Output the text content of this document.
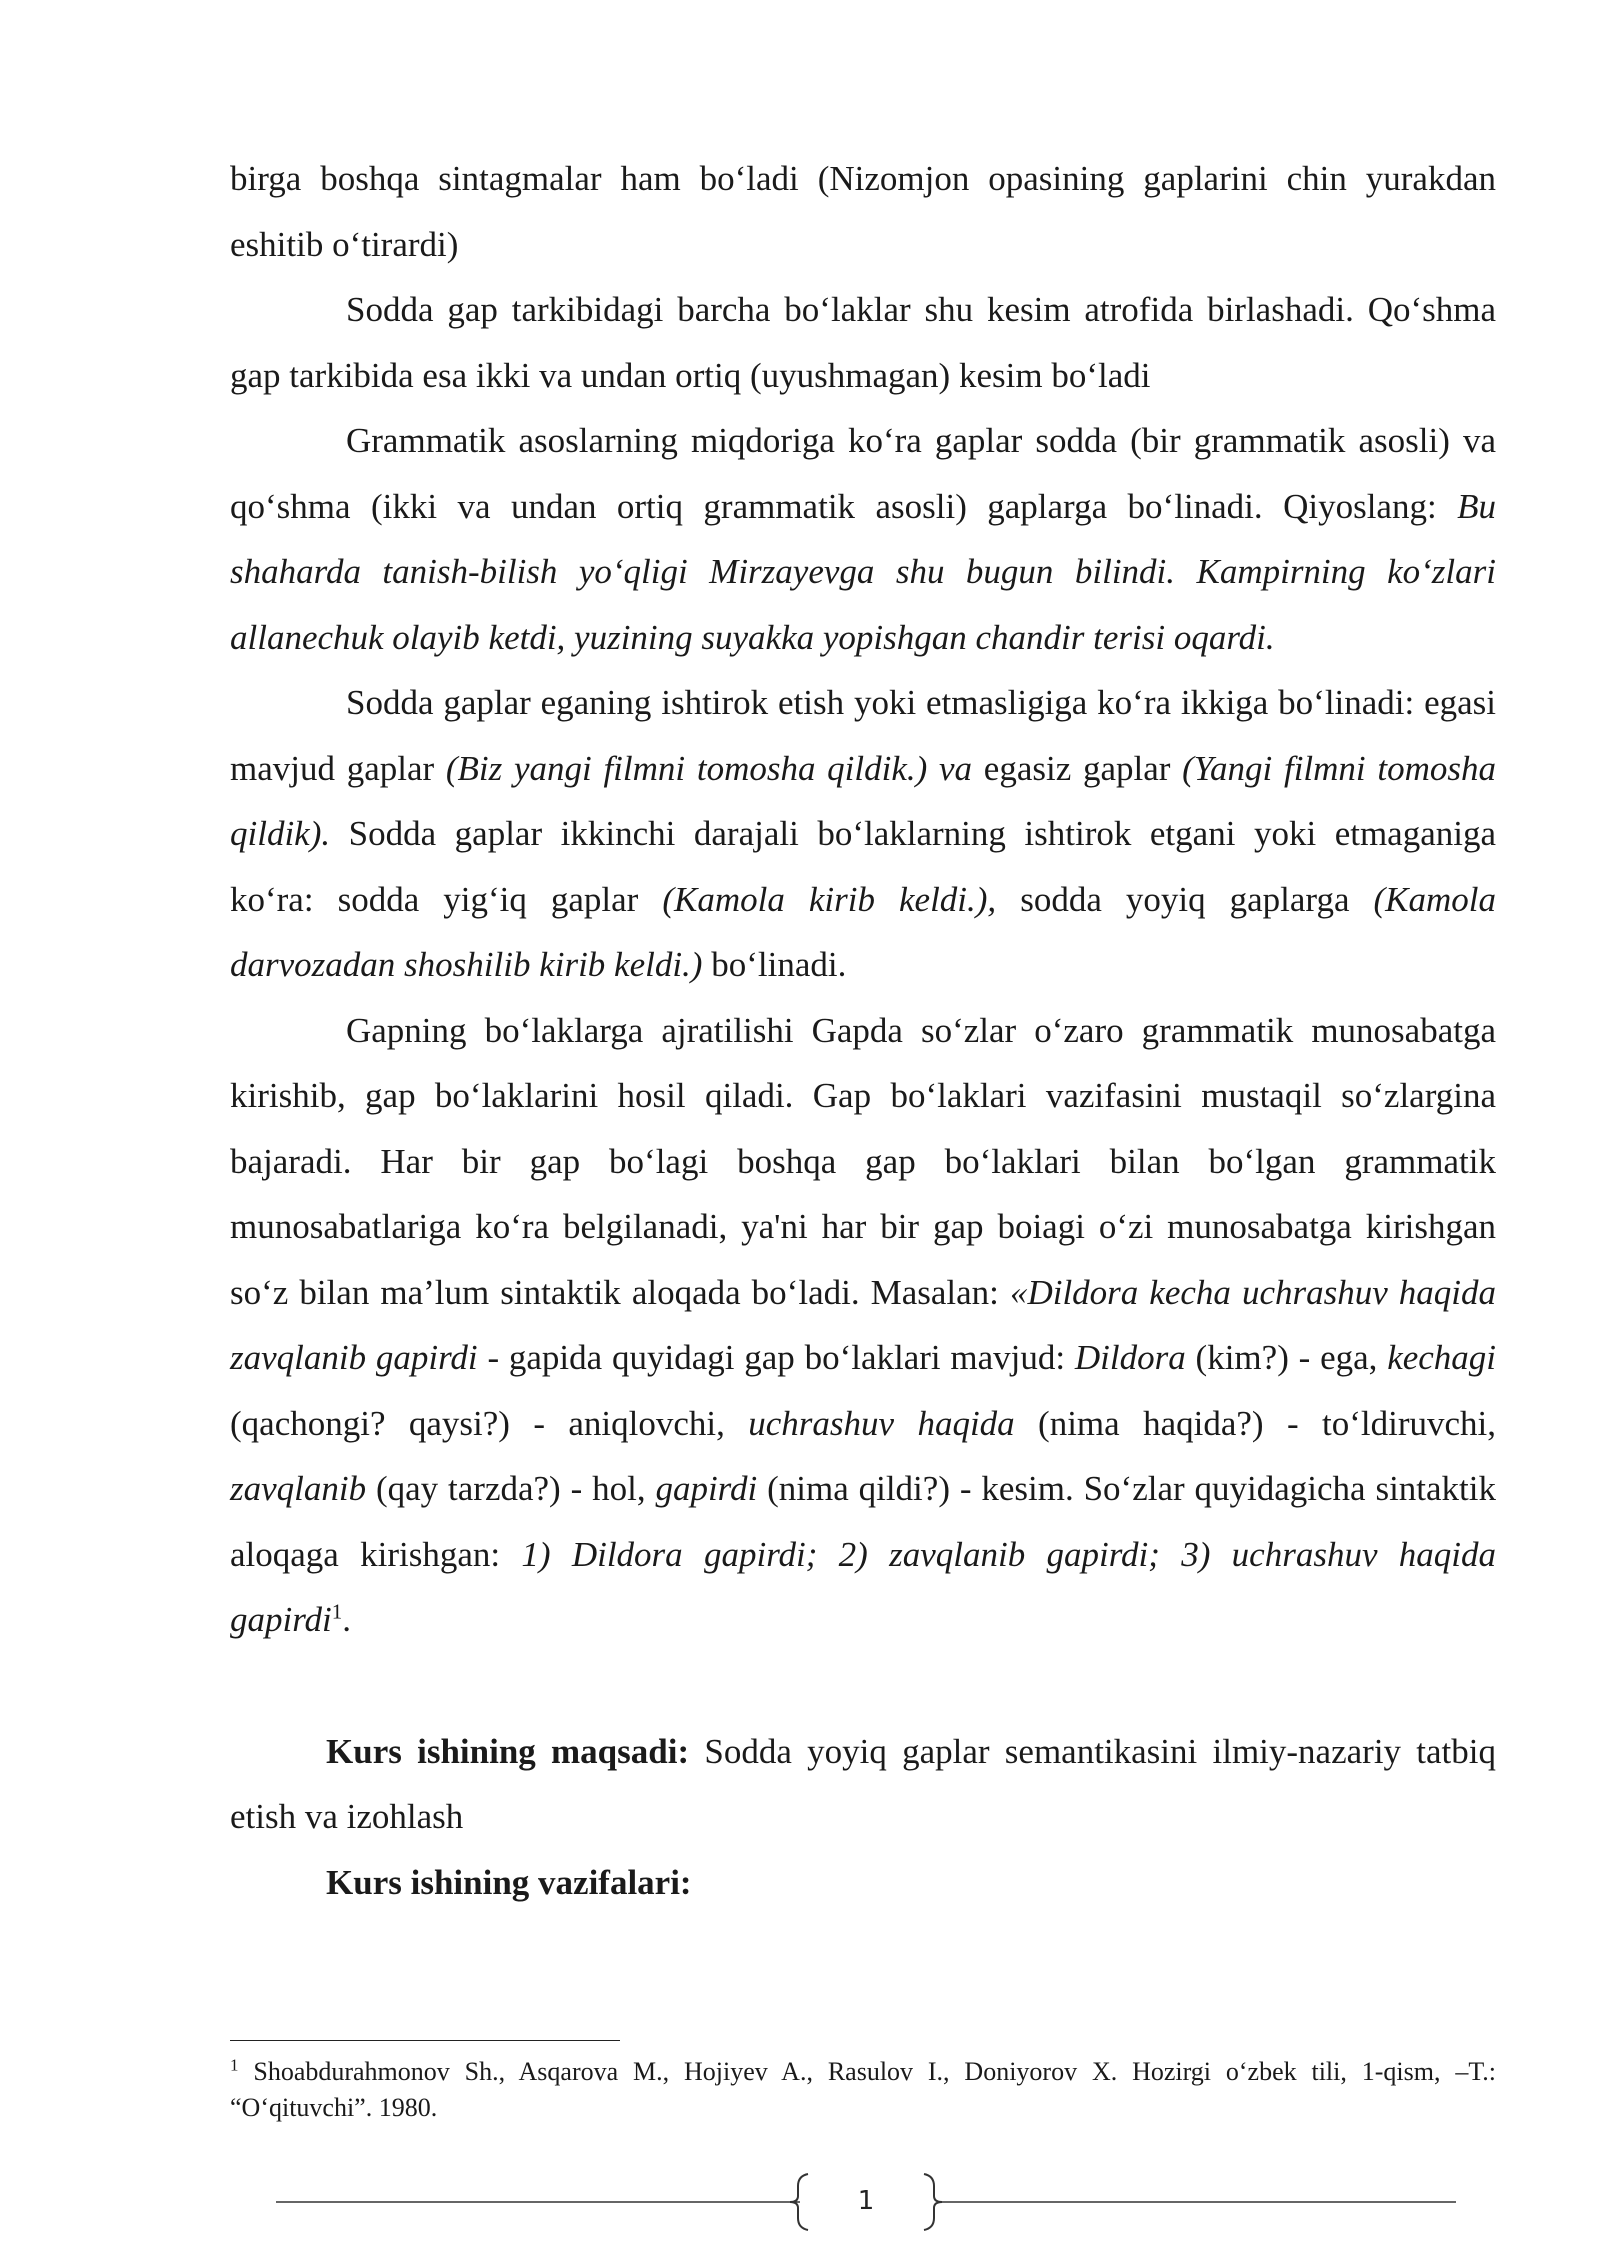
birga boshqa sintagmalar ham bo‘ladi (Nizomjon opasining gaplarini chin yurakdan eshitib o‘tirardi)

Sodda gap tarkibidagi barcha bo‘laklar shu kesim atrofida birlashadi. Qo‘shma gap tarkibida esa ikki va undan ortiq (uyushmagan) kesim bo‘ladi

Grammatik asoslarning miqdoriga ko‘ra gaplar sodda (bir grammatik asosli) va qo‘shma (ikki va undan ortiq grammatik asosli) gaplarga bo‘linadi. Qiyoslang: Bu shaharda tanish-bilish yo‘qligi Mirzayevga shu bugun bilindi. Kampirning ko‘zlari allanechuk olayib ketdi, yuzining suyakka yopishgan chandir terisi oqardi.

Sodda gaplar eganing ishtirok etish yoki etmasligiga ko‘ra ikkiga bo‘linadi: egasi mavjud gaplar (Biz yangi filmni tomosha qildik.) va egasiz gaplar (Yangi filmni tomosha qildik). Sodda gaplar ikkinchi darajali bo‘laklarning ishtirok etgani yoki etmaganiga ko‘ra: sodda yig‘iq gaplar (Kamola kirib keldi.), sodda yoyiq gaplarga (Kamola darvozadan shoshilib kirib keldi.) bo‘linadi.

Gapning bo‘laklarga ajratilishi Gapda so‘zlar o‘zaro grammatik munosabatga kirishib, gap bo‘laklarini hosil qiladi. Gap bo‘laklari vazifasini mustaqil so‘zlargina bajaradi. Har bir gap bo‘lagi boshqa gap bo‘laklari bilan bo‘lgan grammatik munosabatlariga ko‘ra belgilanadi, ya'ni har bir gap boiagi o‘zi munosabatga kirishgan so‘z bilan ma’lum sintaktik aloqada bo‘ladi. Masalan: «Dildora kecha uchrashuv haqida zavqlanib gapirdi - gapida quyidagi gap bo‘laklari mavjud: Dildora (kim?) - ega, kechagi (qachongi? qaysi?) - aniqlovchi, uchrashuv haqida (nima haqida?) - to‘ldiruvchi, zavqlanib (qay tarzda?) - hol, gapirdi (nima qildi?) - kesim. So‘zlar quyidagicha sintaktik aloqaga kirishgan: 1) Dildora gapirdi; 2) zavqlanib gapirdi; 3) uchrashuv haqida gapirdi$^1$.

Kurs ishining maqsadi: Sodda yoyiq gaplar semantikasini ilmiy-nazariy tatbiq etish va izohlash

Kurs ishining vazifalari:

$^1$ Shoabdurahmonov Sh., Asqarova M., Hojiyev A., Rasulov I., Doniyorov X. Hozirgi o‘zbek tili, 1-qism, –T.: “O‘qituvchi”. 1980.
1
